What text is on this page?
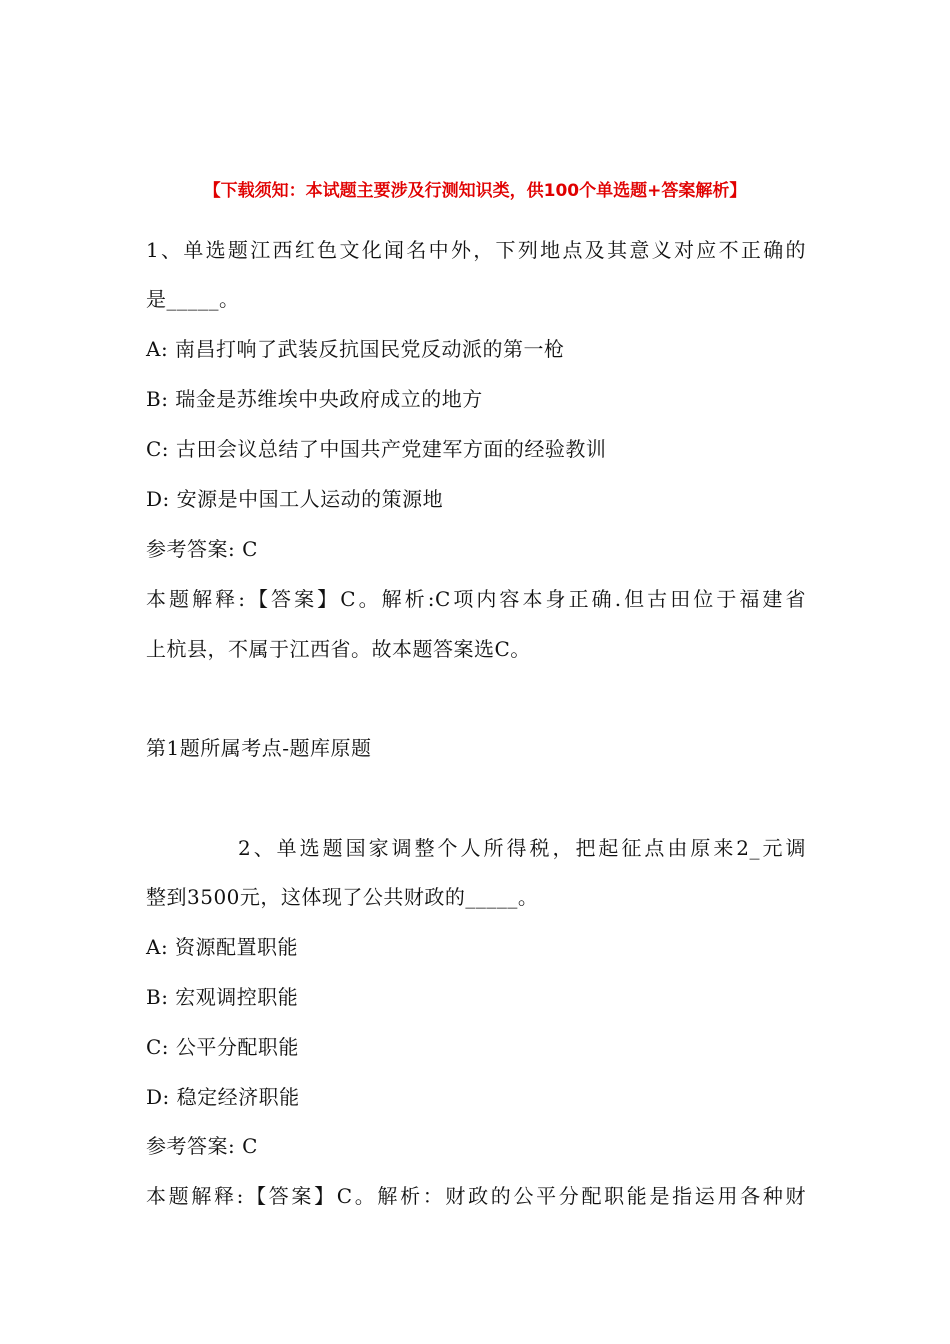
【下载须知：本试题主要涉及行测知识类，供100个单选题+答案解析】
1、单选题江西红色文化闻名中外，下列地点及其意义对应不正确的
是_____。
A: 南昌打响了武装反抗国民党反动派的第一枪
B: 瑞金是苏维埃中央政府成立的地方
C: 古田会议总结了中国共产党建军方面的经验教训
D: 安源是中国工人运动的策源地
参考答案: C
本题解释:【答案】C。解析:C项内容本身正确.但古田位于福建省
上杭县，不属于江西省。故本题答案选C。
第1题所属考点-题库原题
2、单选题国家调整个人所得税，把起征点由原来2_元调
整到3500元，这体现了公共财政的_____。
A: 资源配置职能
B: 宏观调控职能
C: 公平分配职能
D: 稳定经济职能
参考答案: C
本题解释:【答案】C。解析：财政的公平分配职能是指运用各种财
